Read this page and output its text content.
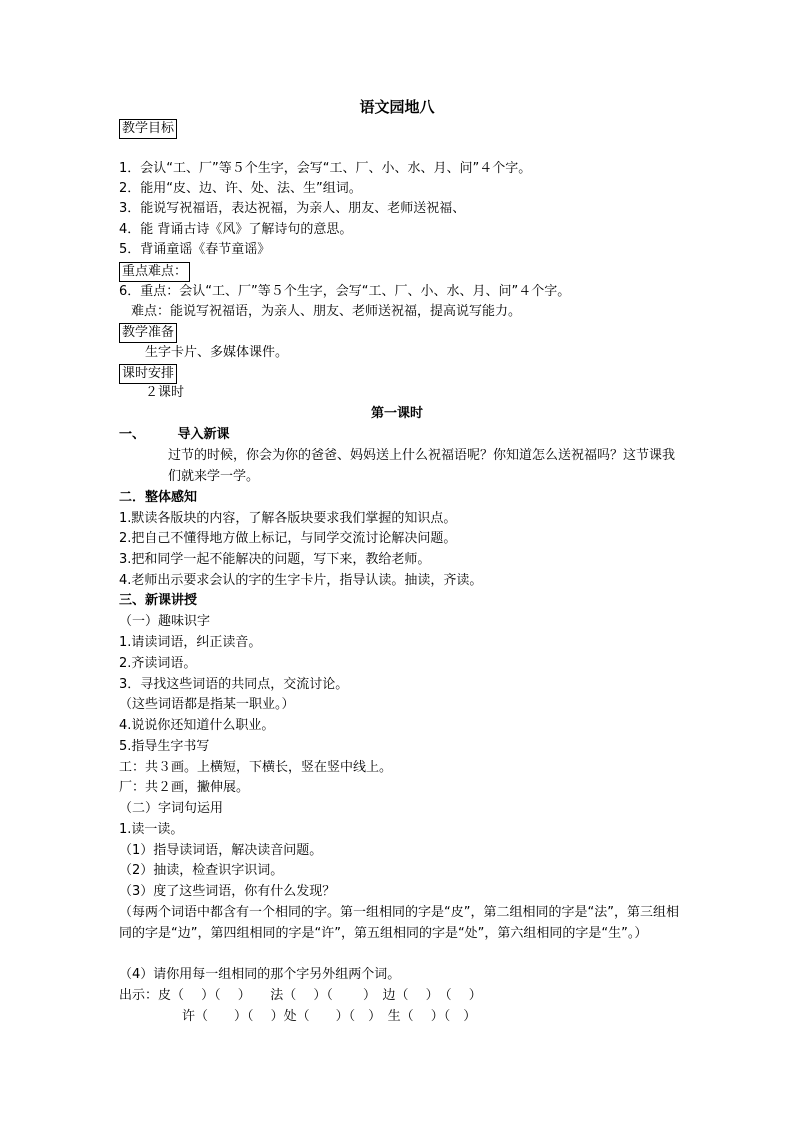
语文园地八
教学目标
1．会认“工、厂”等５个生字，会写“工、厂、小、水、月、问”４个字。
2．能用“皮、边、许、处、法、生”组词。
3．能说写祝福语，表达祝福，为亲人、朋友、老师送祝福、
4．能 背诵古诗《风》了解诗句的意思。
5．背诵童谣《春节童谣》
重点难点：
6．重点：会认“工、厂”等５个生字，会写“工、厂、小、水、月、问”４个字。
难点：能说写祝福语，为亲人、朋友、老师送祝福，提高说写能力。
教学准备
生字卡片、多媒体课件。
课时安排
２课时
第一课时
一、	导入新课
过节的时候，你会为你的爸爸、妈妈送上什么祝福语呢？你知道怎么送祝福吗？这节课我们就来学一学。
二．整体感知
1.默读各版块的内容，了解各版块要求我们掌握的知识点。
2.把自己不懂得地方做上标记，与同学交流讨论解决问题。
3.把和同学一起不能解决的问题，写下来，教给老师。
4.老师出示要求会认的字的生字卡片，指导认读。抽读，齐读。
三、新课讲授
（一）趣味识字
1.请读词语，纠正读音。
2.齐读词语。
3．寻找这些词语的共同点，交流讨论。
（这些词语都是指某一职业。）
4.说说你还知道什么职业。
5.指导生字书写
工：共３画。上横短，下横长，竖在竖中线上。
厂：共２画，撇伸展。
（二）字词句运用
1.读一读。
（1）指导读词语，解决读音问题。
（2）抽读，检查识字识词。
（3）度了这些词语，你有什么发现？
（每两个词语中都含有一个相同的字。第一组相同的字是“皮”，第二组相同的字是“法”，第三组相同的字是“边”，第四组相同的字是“许”，第五组相同的字是“处”，第六组相同的字是“生”。）
（4）请你用每一组相同的那个字另外组两个词。
出示：皮（　 ）（　 ）　　法（　 ）（　　 ）　边（　 ）　（　 ）
许（　　）（　 ）处（　　）（　）　生（　 ）（　）
